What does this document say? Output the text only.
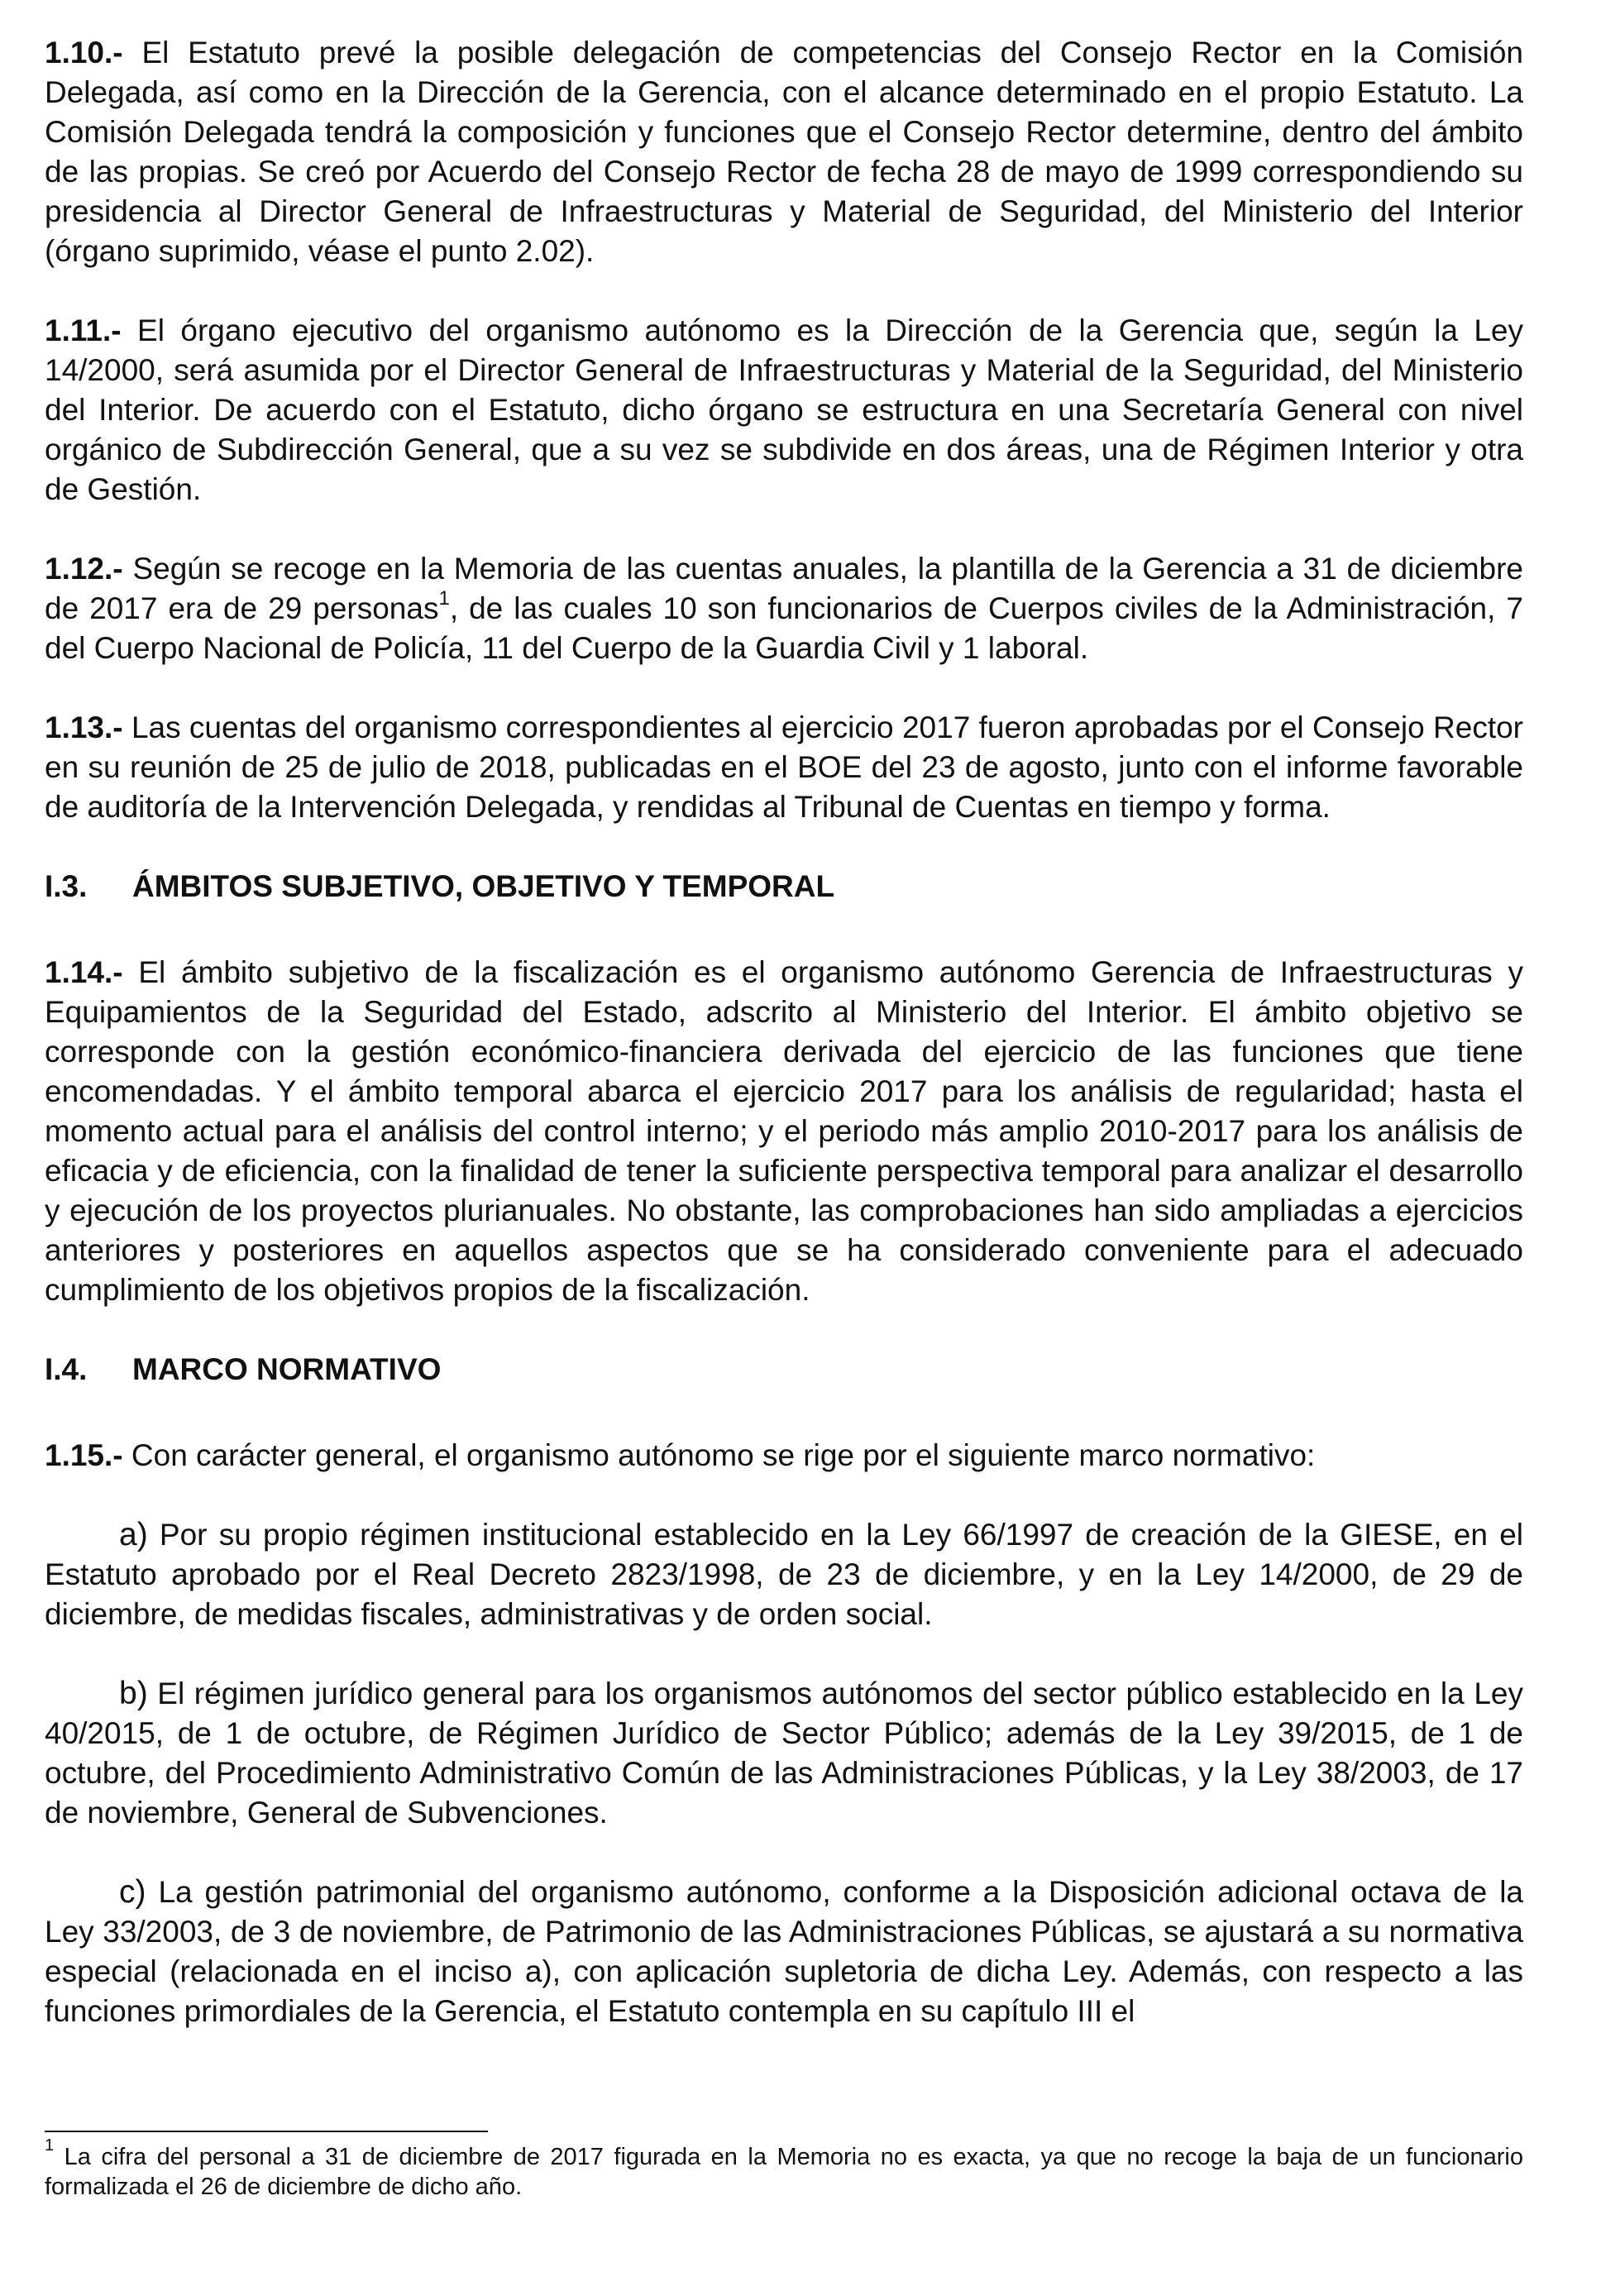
1.10.- El Estatuto prevé la posible delegación de competencias del Consejo Rector en la Comisión Delegada, así como en la Dirección de la Gerencia, con el alcance determinado en el propio Estatuto. La Comisión Delegada tendrá la composición y funciones que el Consejo Rector determine, dentro del ámbito de las propias. Se creó por Acuerdo del Consejo Rector de fecha 28 de mayo de 1999 correspondiendo su presidencia al Director General de Infraestructuras y Material de Seguridad, del Ministerio del Interior (órgano suprimido, véase el punto 2.02).

1.11.- El órgano ejecutivo del organismo autónomo es la Dirección de la Gerencia que, según la Ley 14/2000, será asumida por el Director General de Infraestructuras y Material de la Seguridad, del Ministerio del Interior. De acuerdo con el Estatuto, dicho órgano se estructura en una Secretaría General con nivel orgánico de Subdirección General, que a su vez se subdivide en dos áreas, una de Régimen Interior y otra de Gestión.

1.12.- Según se recoge en la Memoria de las cuentas anuales, la plantilla de la Gerencia a 31 de diciembre de 2017 era de 29 personas$^1$, de las cuales 10 son funcionarios de Cuerpos civiles de la Administración, 7 del Cuerpo Nacional de Policía, 11 del Cuerpo de la Guardia Civil y 1 laboral.

1.13.- Las cuentas del organismo correspondientes al ejercicio 2017 fueron aprobadas por el Consejo Rector en su reunión de 25 de julio de 2018, publicadas en el BOE del 23 de agosto, junto con el informe favorable de auditoría de la Intervención Delegada, y rendidas al Tribunal de Cuentas en tiempo y forma.

I.3.	ÁMBITOS SUBJETIVO, OBJETIVO Y TEMPORAL

1.14.- El ámbito subjetivo de la fiscalización es el organismo autónomo Gerencia de Infraestructuras y Equipamientos de la Seguridad del Estado, adscrito al Ministerio del Interior. El ámbito objetivo se corresponde con la gestión económico-financiera derivada del ejercicio de las funciones que tiene encomendadas. Y el ámbito temporal abarca el ejercicio 2017 para los análisis de regularidad; hasta el momento actual para el análisis del control interno; y el periodo más amplio 2010-2017 para los análisis de eficacia y de eficiencia, con la finalidad de tener la suficiente perspectiva temporal para analizar el desarrollo y ejecución de los proyectos plurianuales. No obstante, las comprobaciones han sido ampliadas a ejercicios anteriores y posteriores en aquellos aspectos que se ha considerado conveniente para el adecuado cumplimiento de los objetivos propios de la fiscalización.

I.4.	MARCO NORMATIVO

1.15.- Con carácter general, el organismo autónomo se rige por el siguiente marco normativo:

a) Por su propio régimen institucional establecido en la Ley 66/1997 de creación de la GIESE, en el Estatuto aprobado por el Real Decreto 2823/1998, de 23 de diciembre, y en la Ley 14/2000, de 29 de diciembre, de medidas fiscales, administrativas y de orden social.

b) El régimen jurídico general para los organismos autónomos del sector público establecido en la Ley 40/2015, de 1 de octubre, de Régimen Jurídico de Sector Público; además de la Ley 39/2015, de 1 de octubre, del Procedimiento Administrativo Común de las Administraciones Públicas, y la Ley 38/2003, de 17 de noviembre, General de Subvenciones.

c) La gestión patrimonial del organismo autónomo, conforme a la Disposición adicional octava de la Ley 33/2003, de 3 de noviembre, de Patrimonio de las Administraciones Públicas, se ajustará a su normativa especial (relacionada en el inciso a), con aplicación supletoria de dicha Ley. Además, con respecto a las funciones primordiales de la Gerencia, el Estatuto contempla en su capítulo III el

$^1$ La cifra del personal a 31 de diciembre de 2017 figurada en la Memoria no es exacta, ya que no recoge la baja de un funcionario formalizada el 26 de diciembre de dicho año.
